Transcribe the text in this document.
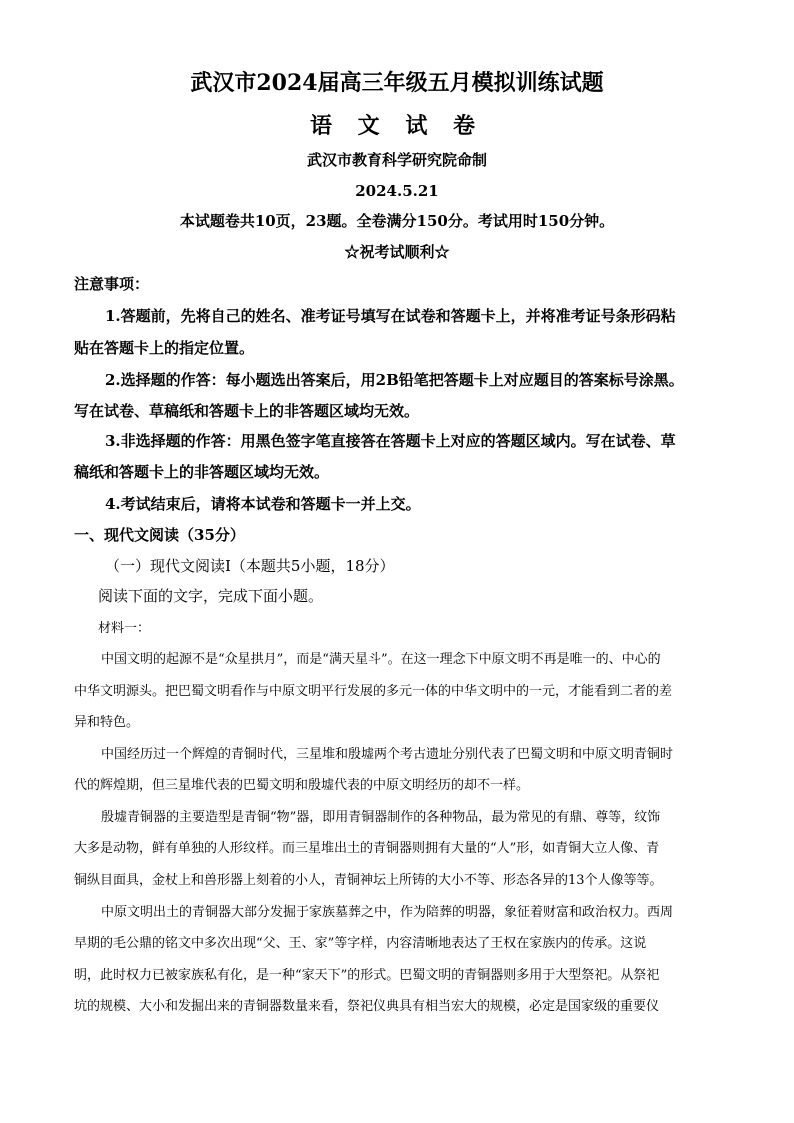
武汉市2024届高三年级五月模拟训练试题
语 文 试 卷
武汉市教育科学研究院命制
2024.5.21
本试题卷共10页，23题。全卷满分150分。考试用时150分钟。
☆祝考试顺利☆
注意事项：
1.答题前，先将自己的姓名、准考证号填写在试卷和答题卡上，并将准考证号条形码粘
贴在答题卡上的指定位置。
2.选择题的作答：每小题选出答案后，用2B铅笔把答题卡上对应题目的答案标号涂黑。
写在试卷、草稿纸和答题卡上的非答题区域均无效。
3.非选择题的作答：用黑色签字笔直接答在答题卡上对应的答题区域内。写在试卷、草
稿纸和答题卡上的非答题区域均无效。
4.考试结束后，请将本试卷和答题卡一并上交。
一、现代文阅读（35分）
（一）现代文阅读Ⅰ（本题共5小题，18分）
阅读下面的文字，完成下面小题。
材料一：
中国文明的起源不是“众星拱月”，而是“满天星斗”。在这一理念下中原文明不再是唯一的、中心的
中华文明源头。把巴蜀文明看作与中原文明平行发展的多元一体的中华文明中的一元，才能看到二者的差
异和特色。
中国经历过一个辉煌的青铜时代，三星堆和殷墟两个考古遗址分别代表了巴蜀文明和中原文明青铜时
代的辉煌期，但三星堆代表的巴蜀文明和殷墟代表的中原文明经历的却不一样。
殷墟青铜器的主要造型是青铜“物”器，即用青铜器制作的各种物品，最为常见的有鼎、尊等，纹饰
大多是动物，鲜有单独的人形纹样。而三星堆出土的青铜器则拥有大量的“人”形，如青铜大立人像、青
铜纵目面具，金杖上和兽形器上刻着的小人，青铜神坛上所铸的大小不等、形态各异的13个人像等等。
中原文明出土的青铜器大部分发掘于家族墓葬之中，作为陪葬的明器，象征着财富和政治权力。西周
早期的毛公鼎的铭文中多次出现“父、王、家”等字样，内容清晰地表达了王权在家族内的传承。这说
明，此时权力已被家族私有化，是一种“家天下”的形式。巴蜀文明的青铜器则多用于大型祭祀。从祭祀
坑的规模、大小和发掘出来的青铜器数量来看，祭祀仪典具有相当宏大的规模，必定是国家级的重要仪
